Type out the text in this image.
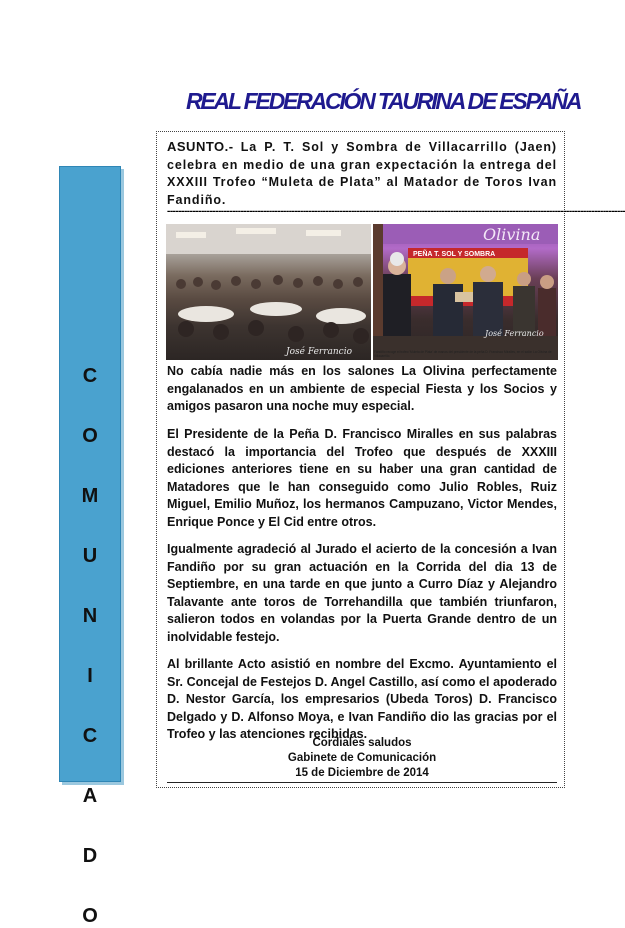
REAL FEDERACIÓN TAURINA DE ESPAÑA
C
O
M
U
N
I
C
A
D
O
ASUNTO.- La P. T. Sol y Sombra de Villacarrillo (Jaen) celebra en medio de una gran expectación la entrega del XXXIII Trofeo “Muleta de Plata” al Matador de Toros Ivan Fandiño.
------------------------------------------------------------------------------------------------------------------------------------------------------------------
José Ferrancio
Olivina
PEÑA T. SOL Y SOMBRA
José Ferrancio
Fandiño recoge el trofeo 'Muleta de Plata' de manos del presidente de la peña D. Francisco Miralles, en el salón La Olivina de Villacarrillo.
No cabía nadie más en los salones La Olivina perfectamente engalanados en un ambiente de especial Fiesta y los Socios y amigos pasaron una noche muy especial.
El Presidente de la Peña D. Francisco Miralles en sus palabras destacó la importancia del Trofeo que después de XXXIII ediciones anteriores tiene en su haber una gran cantidad de Matadores que le han conseguido como Julio Robles, Ruiz Miguel, Emilio Muñoz, los hermanos Campuzano, Victor Mendes, Enrique Ponce y El Cid entre otros.
Igualmente agradeció al Jurado el acierto de la concesión a Ivan Fandiño por su gran actuación en la Corrida del dia 13 de Septiembre, en una tarde en que junto a Curro Díaz y Alejandro Talavante ante toros de Torrehandilla que también triunfaron, salieron todos en volandas por la Puerta Grande dentro de un inolvidable festejo.
Al brillante Acto asistió en nombre del Excmo. Ayuntamiento el Sr. Concejal de Festejos D. Angel Castillo, así como el apoderado D. Nestor García, los empresarios (Ubeda Toros) D. Francisco Delgado y D. Alfonso Moya, e Ivan Fandiño dio las gracias por el Trofeo y las atenciones recibidas.
Cordiales saludos
Gabinete de Comunicación
15 de Diciembre de 2014
